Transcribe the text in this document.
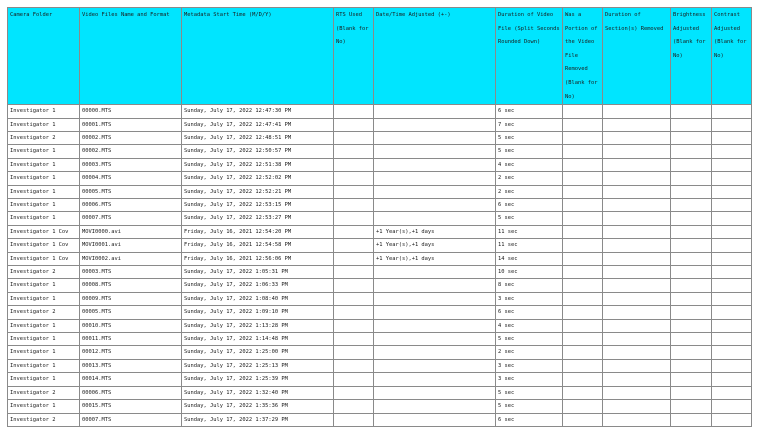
Camera Folder	Video Files Name and Format	Metadata Start Time (M/D/Y)	RTS Used (Blank for No)	Date/Time Adjusted (+-)	Duration of Video File (Split Seconds Rounded Down)	Was a Portion of the Video File Removed (Blank for No)	Duration of Section(s) Removed	Brightness Adjusted (Blank for No)	Contrast Adjusted (Blank for No)
Investigator 1	00000.MTS	Sunday, July 17, 2022 12:47:30 PM			6 sec				
Investigator 1	00001.MTS	Sunday, July 17, 2022 12:47:41 PM			7 sec				
Investigator 2	00002.MTS	Sunday, July 17, 2022 12:48:51 PM			5 sec				
Investigator 1	00002.MTS	Sunday, July 17, 2022 12:50:57 PM			5 sec				
Investigator 1	00003.MTS	Sunday, July 17, 2022 12:51:38 PM			4 sec				
Investigator 1	00004.MTS	Sunday, July 17, 2022 12:52:02 PM			2 sec				
Investigator 1	00005.MTS	Sunday, July 17, 2022 12:52:21 PM			2 sec				
Investigator 1	00006.MTS	Sunday, July 17, 2022 12:53:15 PM			6 sec				
Investigator 1	00007.MTS	Sunday, July 17, 2022 12:53:27 PM			5 sec				
Investigator 1 Cov	MOVI0000.avi	Friday, July 16, 2021 12:54:20 PM		+1 Year(s),+1 days	11 sec				
Investigator 1 Cov	MOVI0001.avi	Friday, July 16, 2021 12:54:58 PM		+1 Year(s),+1 days	11 sec				
Investigator 1 Cov	MOVI0002.avi	Friday, July 16, 2021 12:56:06 PM		+1 Year(s),+1 days	14 sec				
Investigator 2	00003.MTS	Sunday, July 17, 2022 1:05:31 PM			10 sec				
Investigator 1	00008.MTS	Sunday, July 17, 2022 1:06:33 PM			8 sec				
Investigator 1	00009.MTS	Sunday, July 17, 2022 1:08:40 PM			3 sec				
Investigator 2	00005.MTS	Sunday, July 17, 2022 1:09:10 PM			6 sec				
Investigator 1	00010.MTS	Sunday, July 17, 2022 1:13:28 PM			4 sec				
Investigator 1	00011.MTS	Sunday, July 17, 2022 1:14:48 PM			5 sec				
Investigator 1	00012.MTS	Sunday, July 17, 2022 1:25:00 PM			2 sec				
Investigator 1	00013.MTS	Sunday, July 17, 2022 1:25:13 PM			3 sec				
Investigator 1	00014.MTS	Sunday, July 17, 2022 1:25:39 PM			3 sec				
Investigator 2	00006.MTS	Sunday, July 17, 2022 1:32:40 PM			5 sec				
Investigator 1	00015.MTS	Sunday, July 17, 2022 1:35:36 PM			5 sec				
Investigator 2	00007.MTS	Sunday, July 17, 2022 1:37:29 PM			6 sec				
